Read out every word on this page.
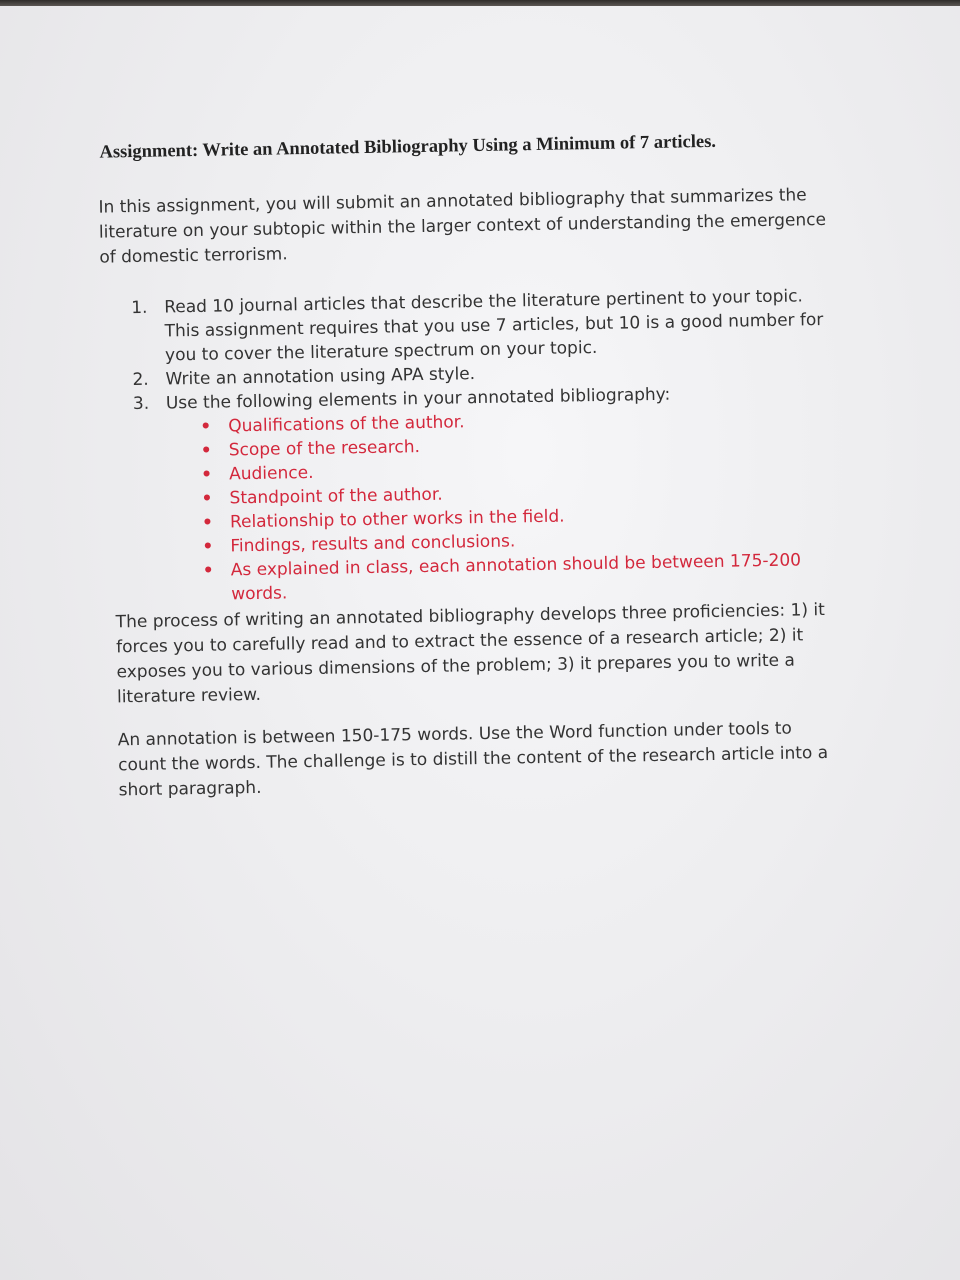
Assignment: Write an Annotated Bibliography Using a Minimum of 7 articles.
In this assignment, you will submit an annotated bibliography that summarizes the literature on your subtopic within the larger context of understanding the emergence of domestic terrorism.
1. Read 10 journal articles that describe the literature pertinent to your topic. This assignment requires that you use 7 articles, but 10 is a good number for you to cover the literature spectrum on your topic.
2. Write an annotation using APA style.
3. Use the following elements in your annotated bibliography:
• Qualifications of the author.
• Scope of the research.
• Audience.
• Standpoint of the author.
• Relationship to other works in the field.
• Findings, results and conclusions.
• As explained in class, each annotation should be between 175-200 words.
The process of writing an annotated bibliography develops three proficiencies: 1) it forces you to carefully read and to extract the essence of a research article; 2) it exposes you to various dimensions of the problem; 3) it prepares you to write a literature review.
An annotation is between 150-175 words. Use the Word function under tools to count the words. The challenge is to distill the content of the research article into a short paragraph.
